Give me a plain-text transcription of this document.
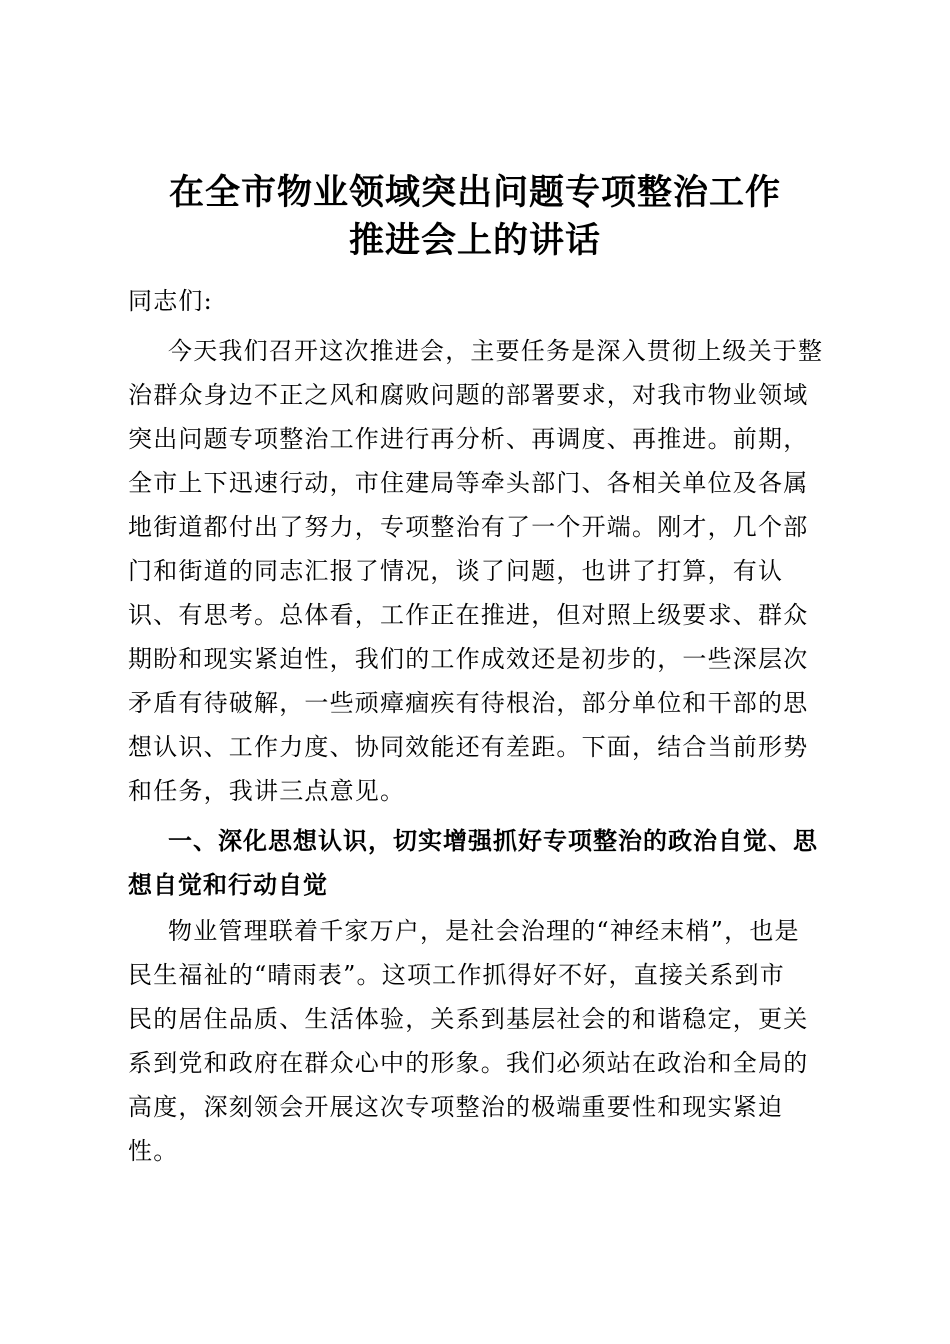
在全市物业领域突出问题专项整治工作
推进会上的讲话

同志们:

今天我们召开这次推进会，主要任务是深入贯彻上级关于整

治群众身边不正之风和腐败问题的部署要求，对我市物业领域

突出问题专项整治工作进行再分析、再调度、再推进。前期，

全市上下迅速行动，市住建局等牵头部门、各相关单位及各属

地街道都付出了努力，专项整治有了一个开端。刚才，几个部

门和街道的同志汇报了情况，谈了问题，也讲了打算，有认

识、有思考。总体看，工作正在推进，但对照上级要求、群众

期盼和现实紧迫性，我们的工作成效还是初步的，一些深层次

矛盾有待破解，一些顽瘴痼疾有待根治，部分单位和干部的思

想认识、工作力度、协同效能还有差距。下面，结合当前形势

和任务，我讲三点意见。

一、深化思想认识，切实增强抓好专项整治的政治自觉、思

想自觉和行动自觉

物业管理联着千家万户，是社会治理的“神经末梢”，也是

民生福祉的“晴雨表”。这项工作抓得好不好，直接关系到市

民的居住品质、生活体验，关系到基层社会的和谐稳定，更关

系到党和政府在群众心中的形象。我们必须站在政治和全局的

高度，深刻领会开展这次专项整治的极端重要性和现实紧迫

性。
